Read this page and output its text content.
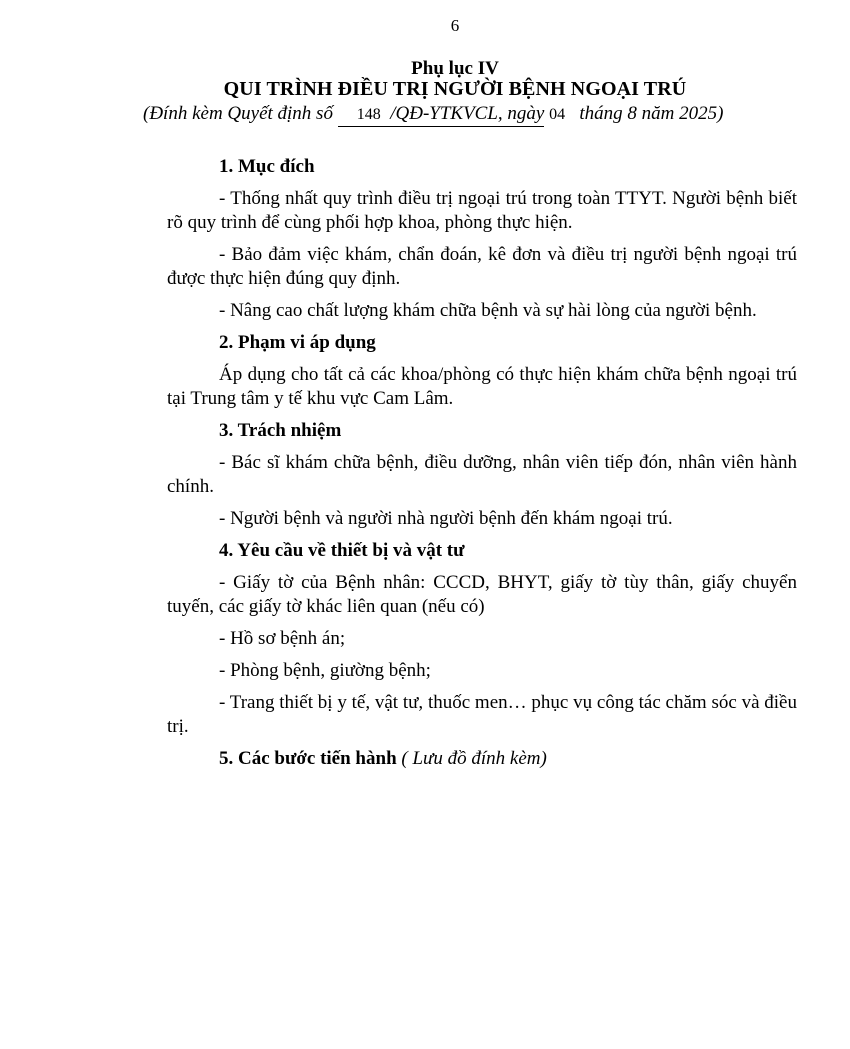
6
Phụ lục IV
QUI TRÌNH ĐIỀU TRỊ NGƯỜI BỆNH NGOẠI TRÚ
(Đính kèm Quyết định số 148 /QĐ-YTKVCL, ngày 04 tháng 8 năm 2025)
1. Mục đích
- Thống nhất quy trình điều trị ngoại trú trong toàn TTYT. Người bệnh biết rõ quy trình để cùng phối hợp khoa, phòng thực hiện.
- Bảo đảm việc khám, chẩn đoán, kê đơn và điều trị người bệnh ngoại trú được thực hiện đúng quy định.
- Nâng cao chất lượng khám chữa bệnh và sự hài lòng của người bệnh.
2. Phạm vi áp dụng
Áp dụng cho tất cả các khoa/phòng có thực hiện khám chữa bệnh ngoại trú tại Trung tâm y tế khu vực Cam Lâm.
3. Trách nhiệm
- Bác sĩ khám chữa bệnh, điều dưỡng, nhân viên tiếp đón, nhân viên hành chính.
- Người bệnh và người nhà người bệnh đến khám ngoại trú.
4. Yêu cầu về thiết bị và vật tư
- Giấy tờ của Bệnh nhân: CCCD, BHYT, giấy tờ tùy thân, giấy chuyển tuyến, các giấy tờ khác liên quan (nếu có)
- Hồ sơ bệnh án;
- Phòng bệnh, giường bệnh;
- Trang thiết bị y tế, vật tư, thuốc men… phục vụ công tác chăm sóc và điều trị.
5. Các bước tiến hành ( Lưu đồ đính kèm)
